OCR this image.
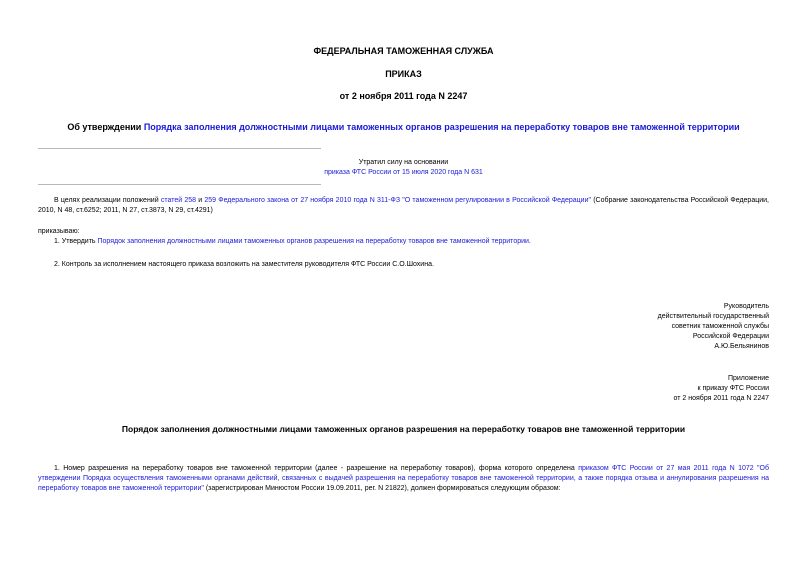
ФЕДЕРАЛЬНАЯ ТАМОЖЕННАЯ СЛУЖБА
ПРИКАЗ
от 2 ноября 2011 года N 2247
Об утверждении Порядка заполнения должностными лицами таможенных органов разрешения на переработку товаров вне таможенной территории

Утратил силу на основании

приказа ФТС России от 15 июля 2020 года N 631

В целях реализации положений статей 258 и 259 Федерального закона от 27 ноября 2010 года N 311-ФЗ "О таможенном регулировании в Российской Федерации" (Собрание законодательства Российской Федерации, 2010, N 48, ст.6252; 2011, N 27, ст.3873, N 29, ст.4291)
приказываю:
1. Утвердить Порядок заполнения должностными лицами таможенных органов разрешения на переработку товаров вне таможенной территории.
2. Контроль за исполнением настоящего приказа возложить на заместителя руководителя ФТС России С.О.Шохина.

Руководитель

действительный государственный

советник таможенной службы

Российской Федерации

А.Ю.Бельянинов

Приложение

к приказу ФТС России

от 2 ноября 2011 года N 2247

Порядок заполнения должностными лицами таможенных органов разрешения на переработку товаров вне таможенной территории
1. Номер разрешения на переработку товаров вне таможенной территории (далее - разрешение на переработку товаров), форма которого определена приказом ФТС России от 27 мая 2011 года N 1072 "Об утверждении Порядка осуществления таможенными органами действий, связанных с выдачей разрешения на переработку товаров вне таможенной территории, а также порядка отзыва и аннулирования разрешения на переработку товаров вне таможенной территории" (зарегистрирован Минюстом России 19.09.2011, рег. N 21822), должен формироваться следующим образом:
